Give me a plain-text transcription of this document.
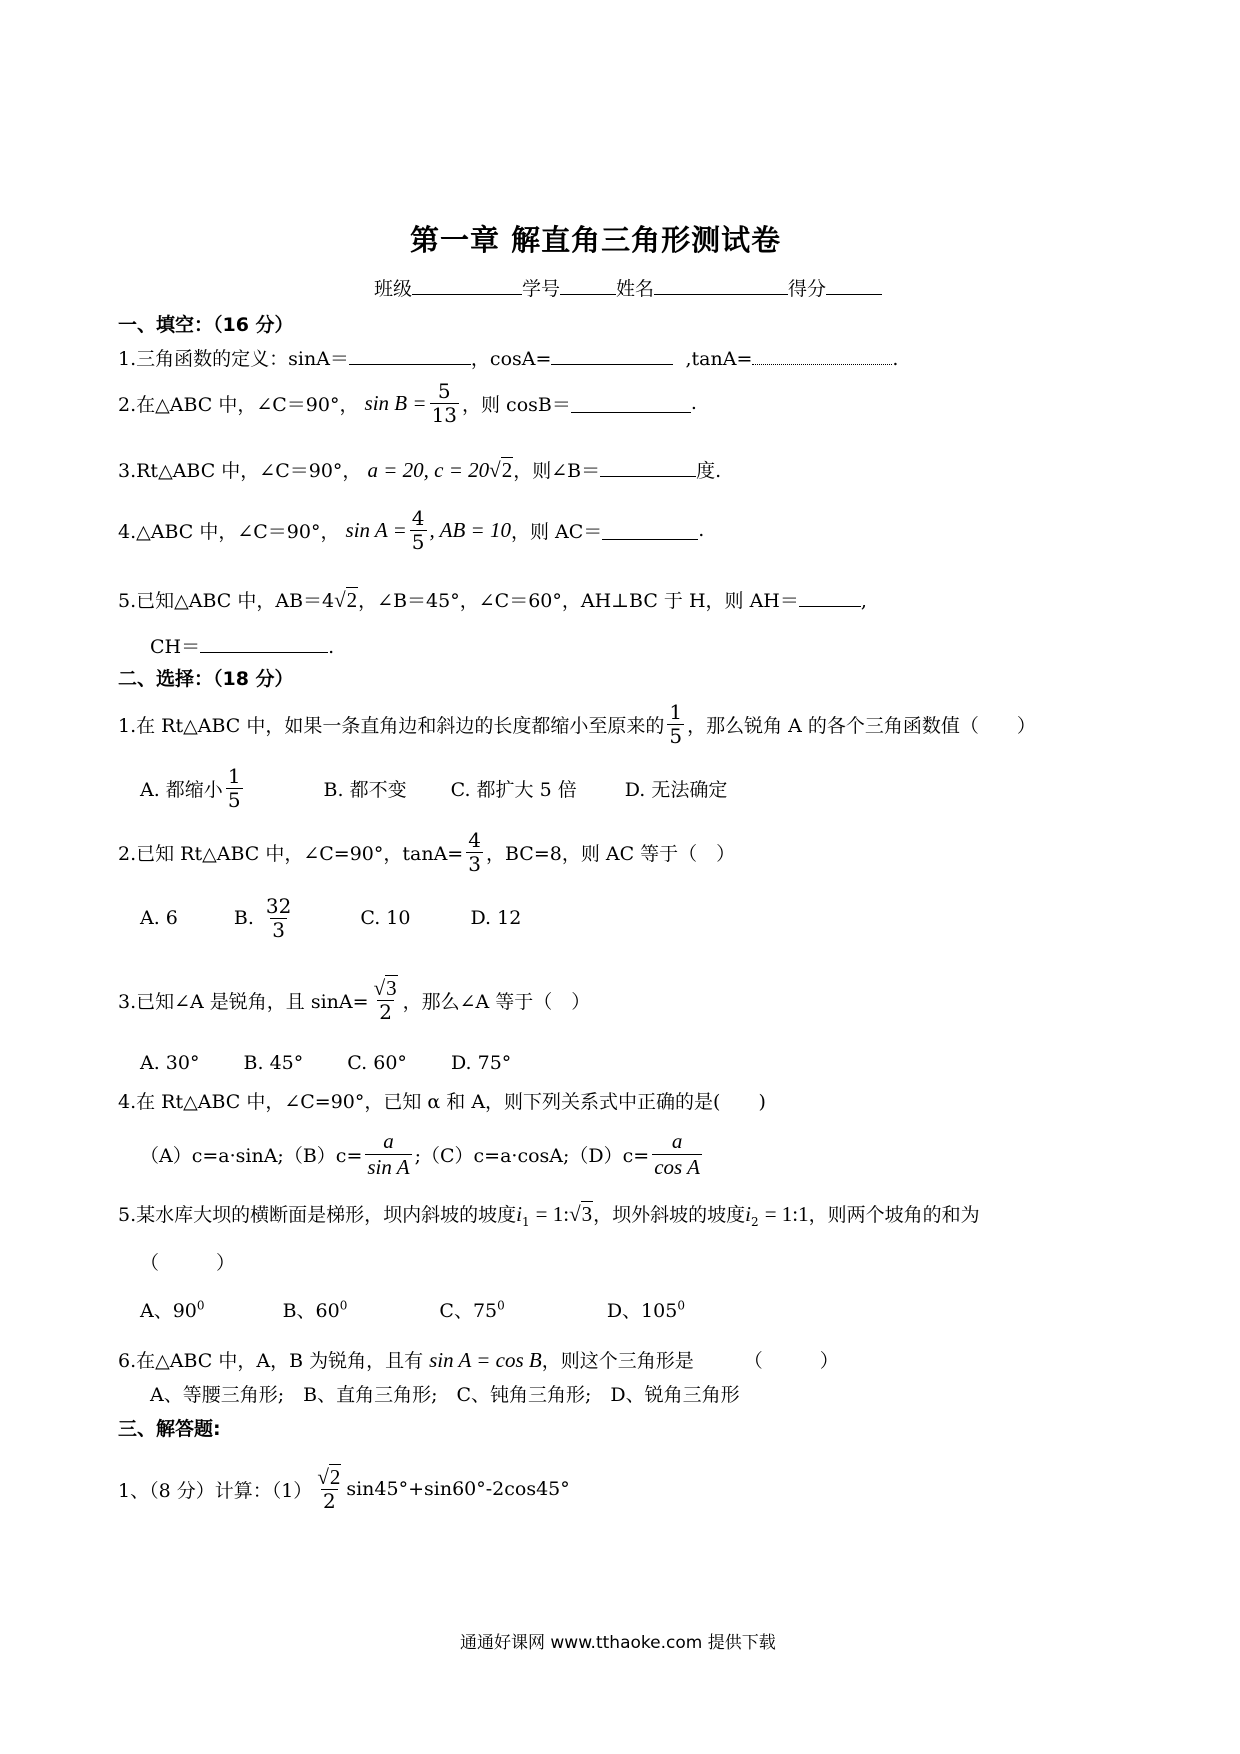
第一章 解直角三角形测试卷
班级	学号	姓名	得分
一、填空：（16 分）
1.三角函数的定义：sinA＝	，cosA=	,tanA=	.
2.在△ABC 中，∠C＝90°，
$\sin B = \frac{5}{13}$ ，则 cosB＝	.
3.Rt△ABC 中，∠C＝90°， a = 20, c = 20√2，则∠B＝	度.
4.△ABC 中，∠C＝90°，
$\sin A = \frac{4}{5}$ , AB = 10 ，则 AC＝	.
5.已知△ABC 中，AB＝4√2，∠B＝45°，∠C＝60°，AH⊥BC 于 H，则 AH＝	,
CH＝	.
二、选择：（18 分）
1.在 Rt△ABC 中，如果一条直角边和斜边的长度都缩小至原来的 $\frac{1}{5}$ ，那么锐角 A 的各个三角函数值（　　）
A. 都缩小 $\frac{1}{5}$	B. 都不变 C. 都扩大 5 倍	D. 无法确定
2.已知 Rt△ABC 中，∠C=90°，$\tan A= \frac{4}{3}$ ，BC=8，则 AC 等于（　）
A. 6	B. $\frac{32}{3}$	C. 10	D. 12
3.已知∠A 是锐角，且 $\sin A= \frac{√3}{2}$ ，那么∠A 等于（　）
A. 30° B. 45° C. 60° D. 75°
4.在 Rt△ABC 中，∠C=90°，已知 α 和 A，则下列关系式中正确的是(　　)
（A）c=a·sinA;（B）c= $\frac{a}{\text{sin A}}$ ;（C）c=a·cosA;（D）c= $\frac{a}{\text{cos A}}$
5.某水库大坝的横断面是梯形，坝内斜坡的坡度$i_1$ = 1:√3，坝外斜坡的坡度$i_2$ = 1:1，则两个坡角的和为
（　　　）
A、$90^0$	B、$60^0$	C、$75^0$	D、$105^0$
6.在△ABC 中，A，B 为锐角，且有 sin A = cos B，则这个三角形是	（　　　）
A、等腰三角形;　B、直角三角形;　C、钝角三角形;　D、锐角三角形
三、解答题:
1、（8 分）计算：$(1) \frac{√2}{2} \sin 45^\circ+\sin 60^\circ-2\cos 45^\circ$
通通好课网 www.tthaoke.com 提供下载
